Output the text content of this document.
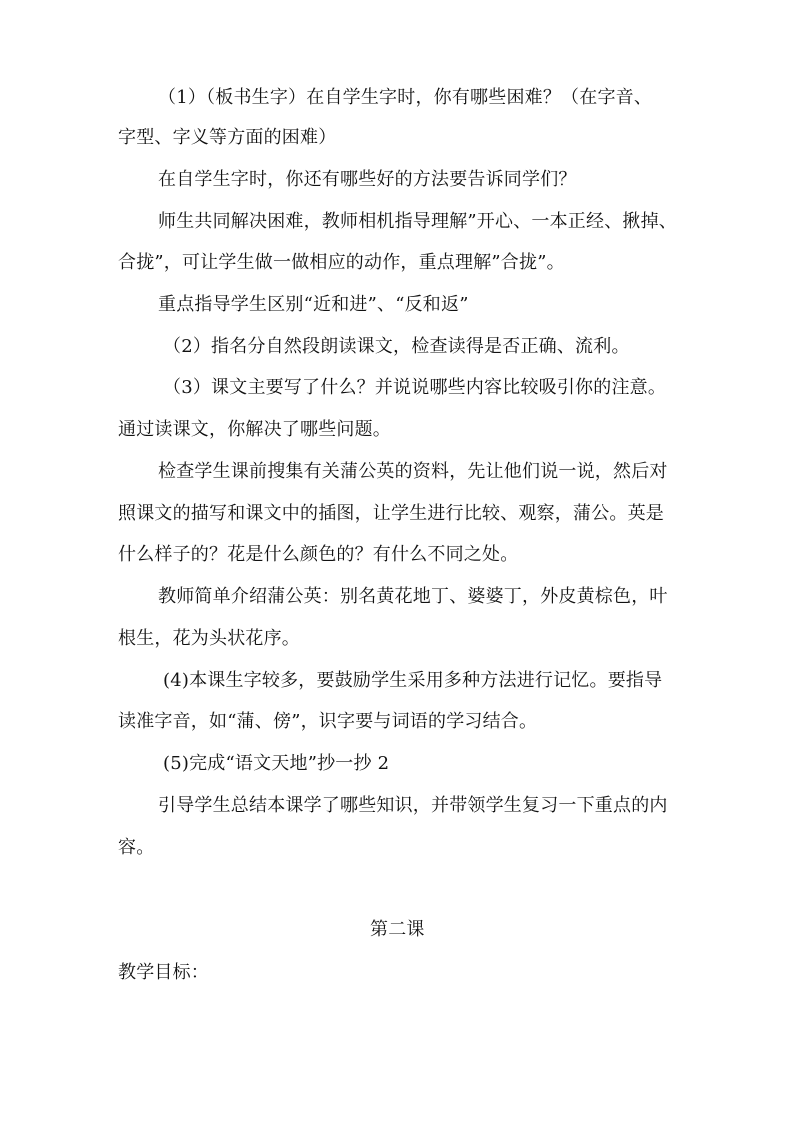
（1）（板书生字）在自学生字时，你有哪些困难？（在字音、
字型、字义等方面的困难）
在自学生字时，你还有哪些好的方法要告诉同学们？
师生共同解决困难，教师相机指导理解”开心、一本正经、揪掉、
合拢”，可让学生做一做相应的动作，重点理解”合拢”。
重点指导学生区别“近和进”、“反和返”
（2）指名分自然段朗读课文，检查读得是否正确、流利。
（3）课文主要写了什么？并说说哪些内容比较吸引你的注意。
通过读课文，你解决了哪些问题。
检查学生课前搜集有关蒲公英的资料，先让他们说一说，然后对
照课文的描写和课文中的插图，让学生进行比较、观察，蒲公。英是
什么样子的？花是什么颜色的？有什么不同之处。
教师简单介绍蒲公英：别名黄花地丁、婆婆丁，外皮黄棕色，叶
根生，花为头状花序。
(4)本课生字较多，要鼓励学生采用多种方法进行记忆。要指导
读准字音，如“蒲、傍”，识字要与词语的学习结合。
(5)完成“语文天地”抄一抄 2
引导学生总结本课学了哪些知识，并带领学生复习一下重点的内
容。
第二课
教学目标：
